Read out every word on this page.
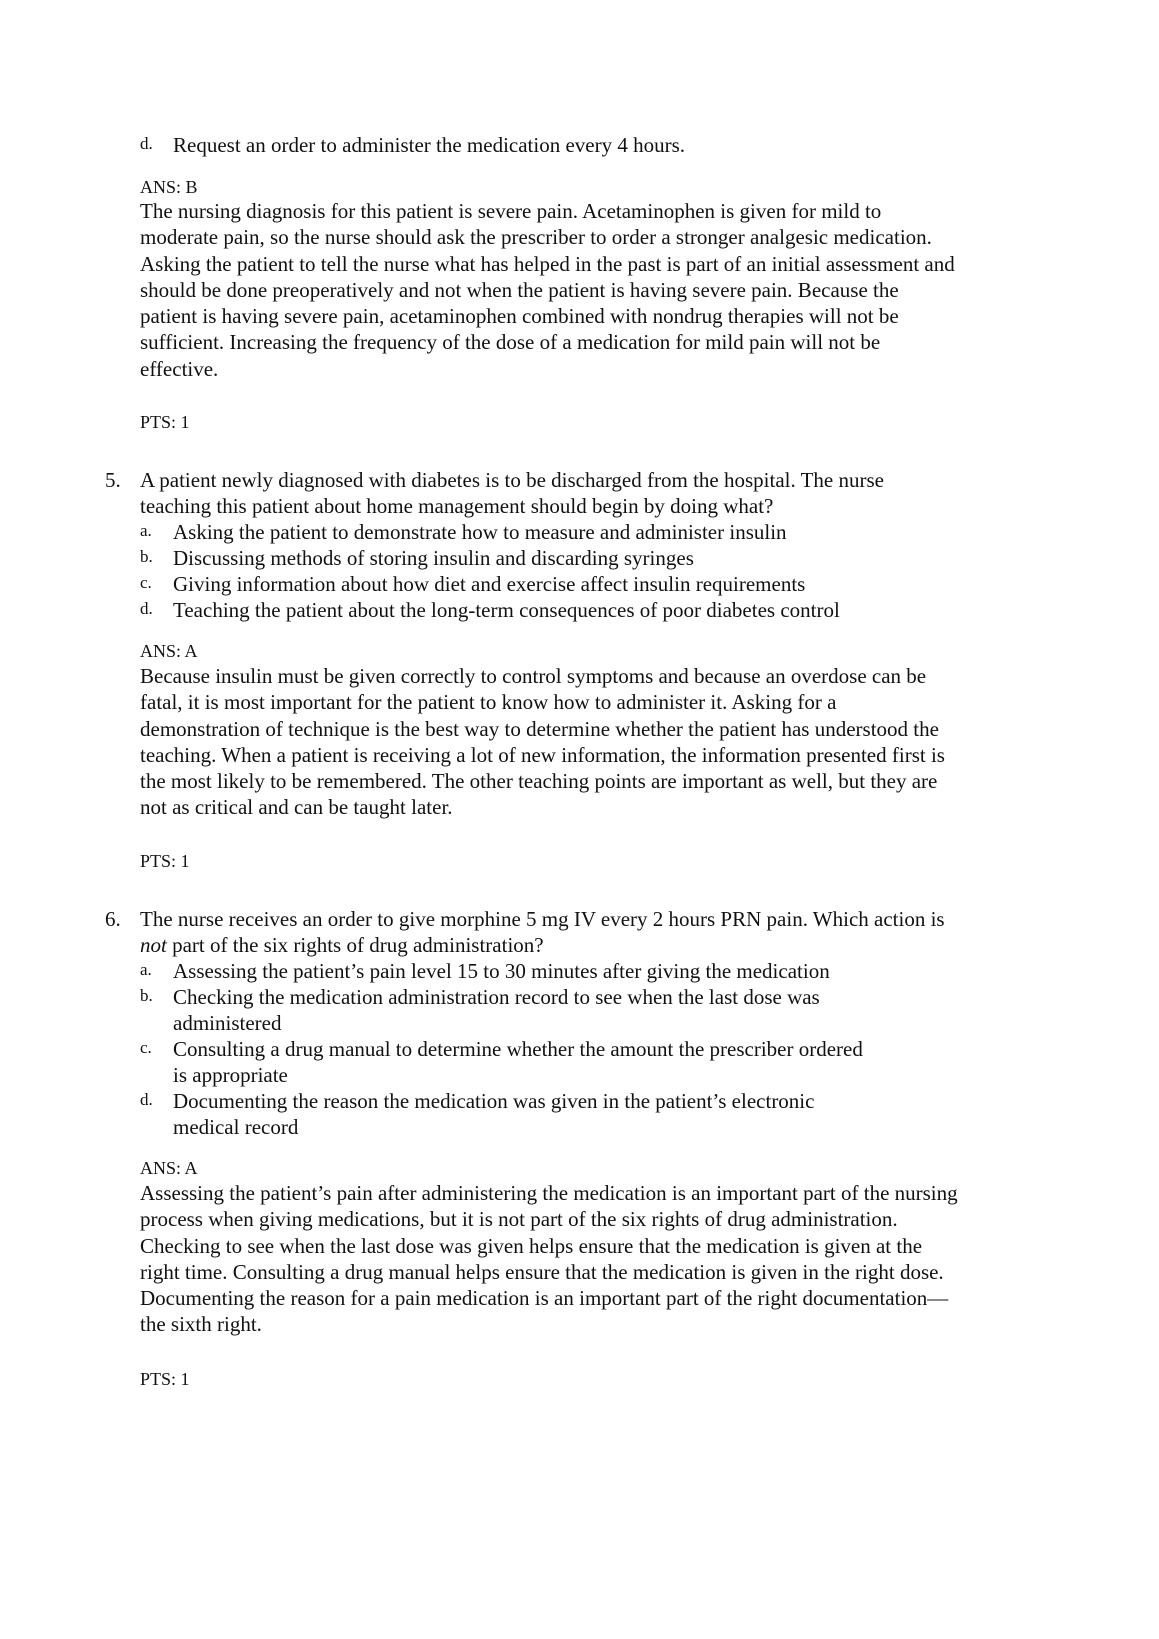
d. Request an order to administer the medication every 4 hours.
ANS: B
The nursing diagnosis for this patient is severe pain. Acetaminophen is given for mild to
moderate pain, so the nurse should ask the prescriber to order a stronger analgesic medication.
Asking the patient to tell the nurse what has helped in the past is part of an initial assessment and
should be done preoperatively and not when the patient is having severe pain. Because the
patient is having severe pain, acetaminophen combined with nondrug therapies will not be
sufficient. Increasing the frequency of the dose of a medication for mild pain will not be
effective.
PTS: 1
5. A patient newly diagnosed with diabetes is to be discharged from the hospital. The nurse
teaching this patient about home management should begin by doing what?
a. Asking the patient to demonstrate how to measure and administer insulin
b. Discussing methods of storing insulin and discarding syringes
c. Giving information about how diet and exercise affect insulin requirements
d. Teaching the patient about the long-term consequences of poor diabetes control
ANS: A
Because insulin must be given correctly to control symptoms and because an overdose can be
fatal, it is most important for the patient to know how to administer it. Asking for a
demonstration of technique is the best way to determine whether the patient has understood the
teaching. When a patient is receiving a lot of new information, the information presented first is
the most likely to be remembered. The other teaching points are important as well, but they are
not as critical and can be taught later.
PTS: 1
6. The nurse receives an order to give morphine 5 mg IV every 2 hours PRN pain. Which action is
not part of the six rights of drug administration?
a. Assessing the patient’s pain level 15 to 30 minutes after giving the medication
b. Checking the medication administration record to see when the last dose was
administered
c. Consulting a drug manual to determine whether the amount the prescriber ordered
is appropriate
d. Documenting the reason the medication was given in the patient’s electronic
medical record
ANS: A
Assessing the patient’s pain after administering the medication is an important part of the nursing
process when giving medications, but it is not part of the six rights of drug administration.
Checking to see when the last dose was given helps ensure that the medication is given at the
right time. Consulting a drug manual helps ensure that the medication is given in the right dose.
Documenting the reason for a pain medication is an important part of the right documentation—
the sixth right.
PTS: 1
